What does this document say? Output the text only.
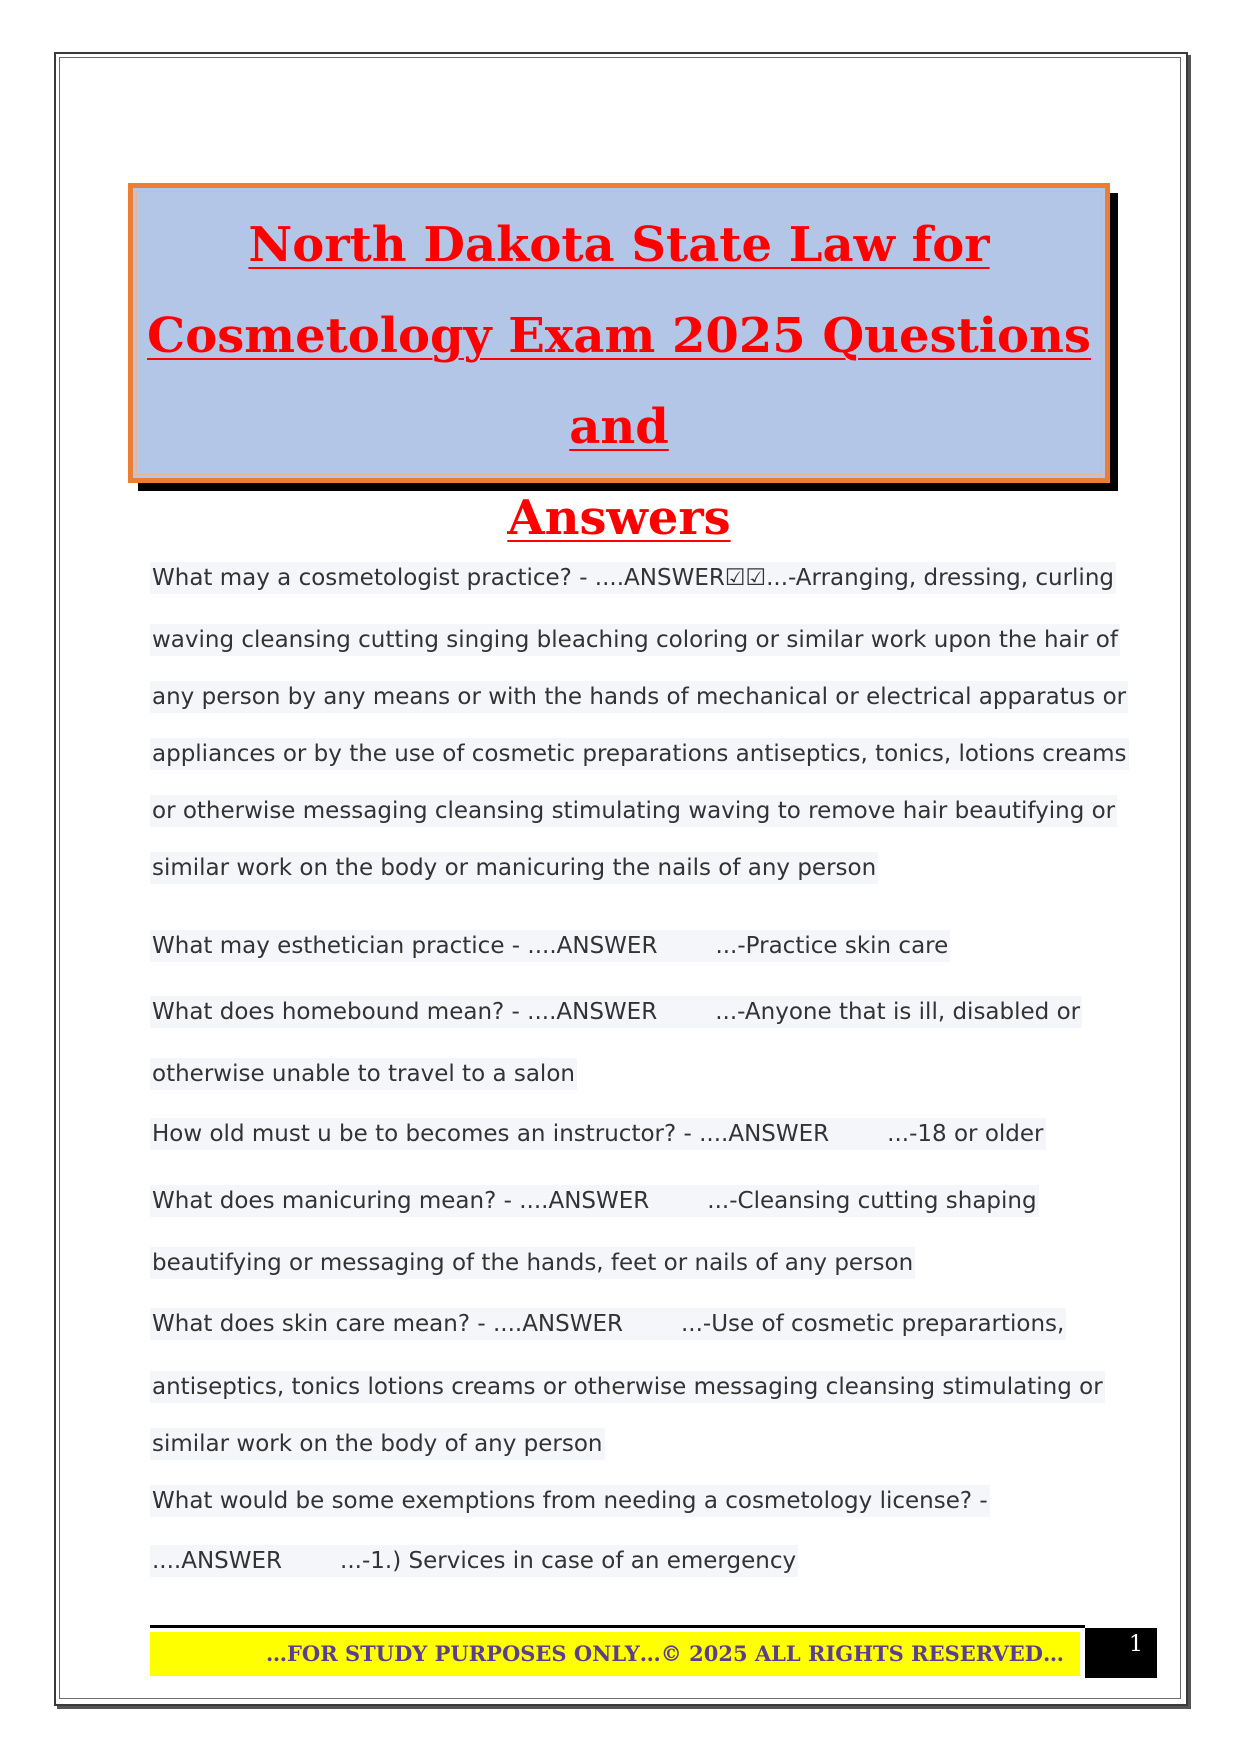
North Dakota State Law for
Cosmetology Exam 2025 Questions and
Answers
What may a cosmetologist practice? - ....ANSWER☑☑...-Arranging, dressing, curling
waving cleansing cutting singing bleaching coloring or similar work upon the hair of
any person by any means or with the hands of mechanical or electrical apparatus or
appliances or by the use of cosmetic preparations antiseptics, tonics, lotions creams
or otherwise messaging cleansing stimulating waving to remove hair beautifying or
similar work on the body or manicuring the nails of any person
What may esthetician practice - ....ANSWER	...-Practice skin care
What does homebound mean? - ....ANSWER	...-Anyone that is ill, disabled or
otherwise unable to travel to a salon
How old must u be to becomes an instructor? - ....ANSWER	...-18 or older
What does manicuring mean? - ....ANSWER	...-Cleansing cutting shaping
beautifying or messaging of the hands, feet or nails of any person
What does skin care mean? - ....ANSWER	...-Use of cosmetic preparartions,
antiseptics, tonics lotions creams or otherwise messaging cleansing stimulating or
similar work on the body of any person
What would be some exemptions from needing a cosmetology license? -
....ANSWER	...-1.) Services in case of an emergency
…FOR STUDY PURPOSES ONLY…© 2025 ALL RIGHTS RESERVED…	1
